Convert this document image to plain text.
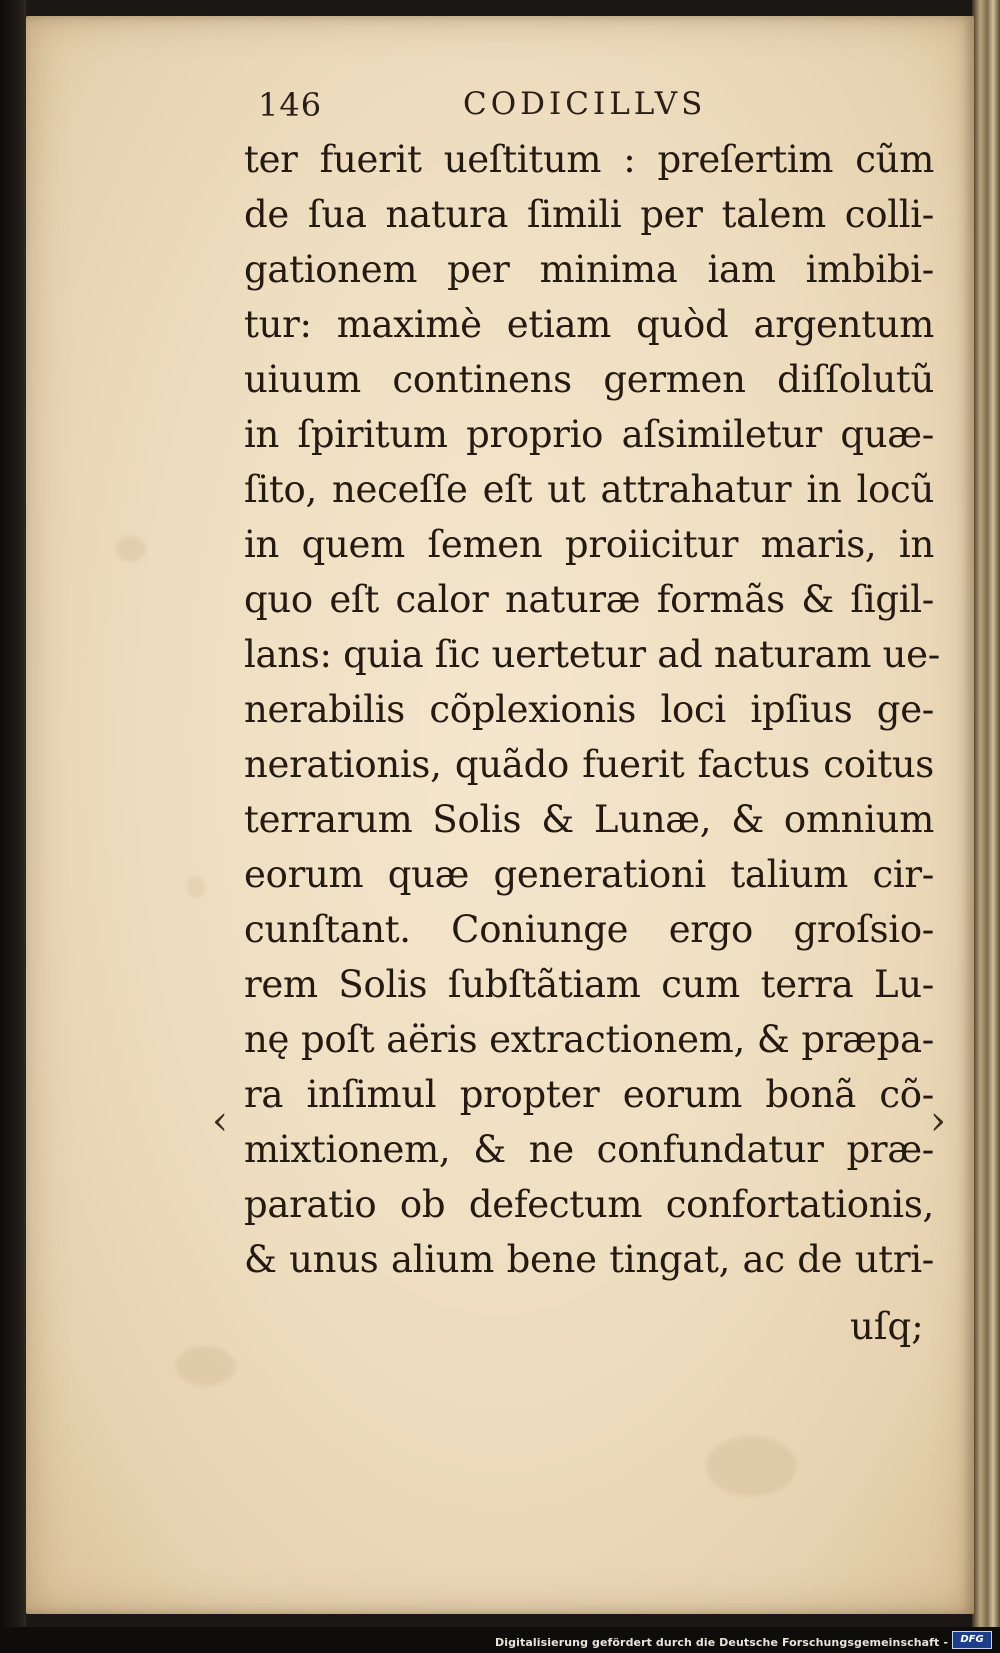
146	CODICILLVS
ter fuerit ueſtitum : preſertim cũm
de ſua natura ſimili per talem colli-
gationem per minima iam imbibi-
tur: maximè etiam quòd argentum
uiuum continens germen diſſolutũ
in ſpiritum proprio aſsimiletur quæ-
ſito, neceſſe eſt ut attrahatur in locũ
in quem ſemen proiicitur maris, in
quo eſt calor naturæ formãs & ſigil-
lans: quia ſic uertetur ad naturam ue-
nerabilis cõplexionis loci ipſius ge-
nerationis, quãdo fuerit factus coitus
terrarum Solis & Lunæ, & omnium
eorum quæ generationi talium cir-
cunſtant. Coniunge ergo groſsio-
rem Solis ſubſtãtiam cum terra Lu-
nę poſt aëris extractionem, & præpa-
ra inſimul propter eorum bonã cõ-
mixtionem, & ne confundatur præ-
paratio ob defectum confortationis,
& unus alium bene tingat, ac de utri-
uſq;
‹	›
Digitalisierung gefördert durch die Deutsche Forschungsgemeinschaft -	DFG
